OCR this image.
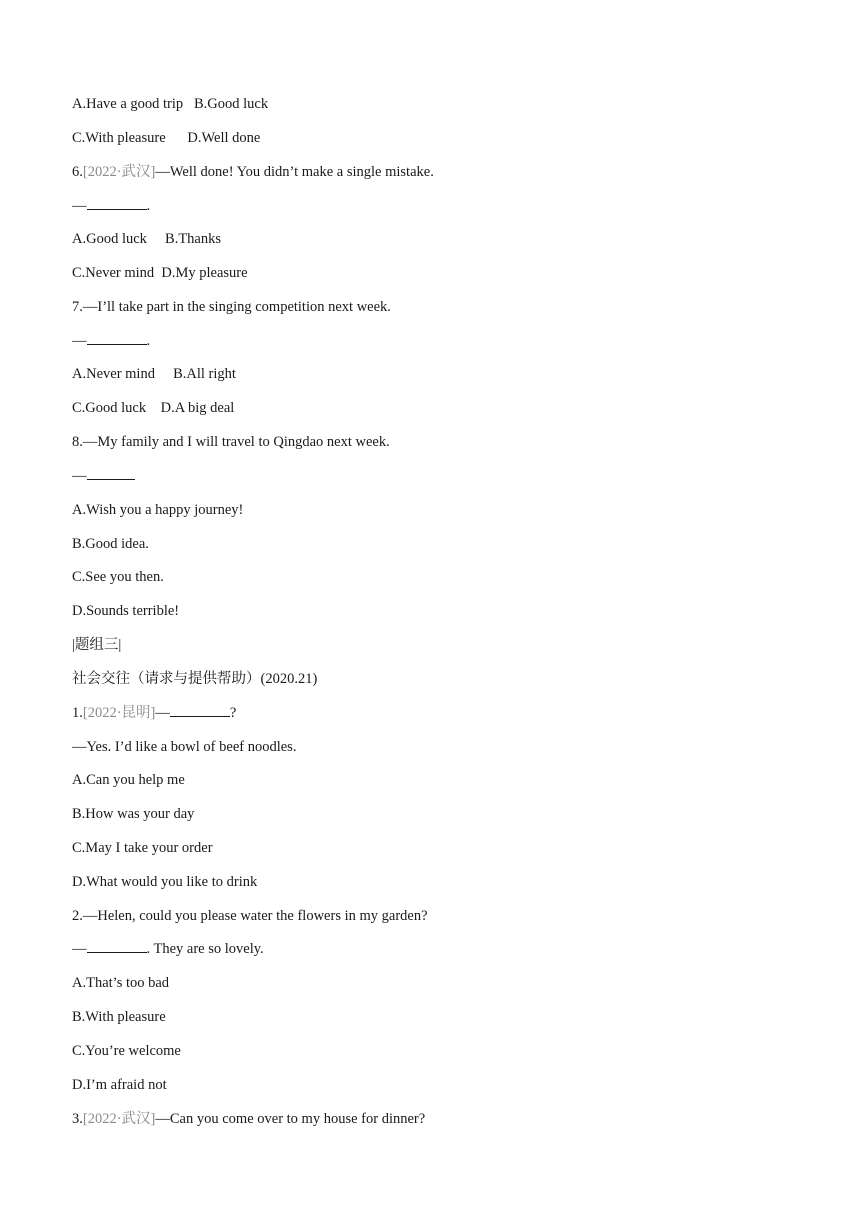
A.Have a good trip   B.Good luck
C.With pleasure      D.Well done
6.[2022·武汉]—Well done! You didn’t make a single mistake.
—	.
A.Good luck     B.Thanks
C.Never mind  D.My pleasure
7.—I’ll take part in the singing competition next week.
—	.
A.Never mind     B.All right
C.Good luck    D.A big deal
8.—My family and I will travel to Qingdao next week.
—
A.Wish you a happy journey!
B.Good idea.
C.See you then.
D.Sounds terrible!
|题组三|
社会交往（请求与提供帮助）(2020.21)
1.[2022·昆明]—	?
—Yes. I’d like a bowl of beef noodles.
A.Can you help me
B.How was your day
C.May I take your order
D.What would you like to drink
2.—Helen, could you please water the flowers in my garden?
—	. They are so lovely.
A.That’s too bad
B.With pleasure
C.You’re welcome
D.I’m afraid not
3.[2022·武汉]—Can you come over to my house for dinner?
